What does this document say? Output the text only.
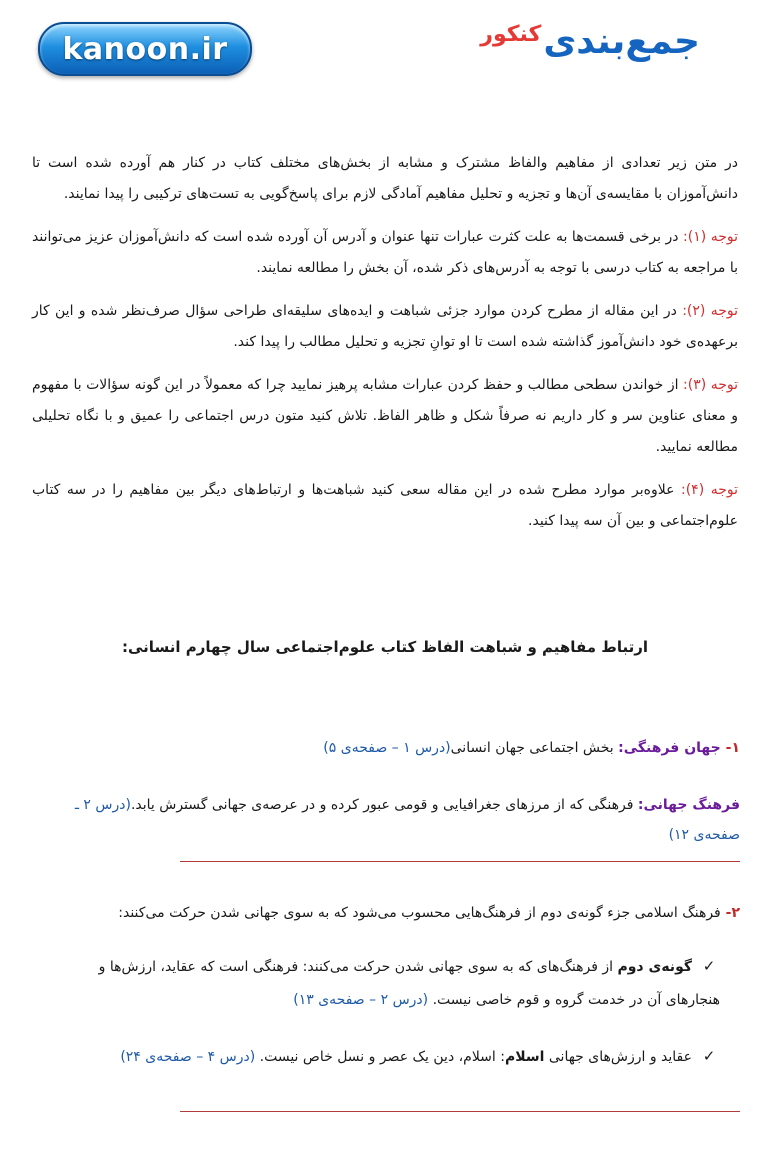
kanoon.ir	جمع‌بندی
کنکور

در متن زیر تعدادی از مفاهیم والفاظ مشترک و مشابه از بخش‌های مختلف کتاب در کنار هم آورده شده است تا دانش‌آموزان با مقایسه‌ی آن‌ها و تجزیه و تحلیل مفاهیم آمادگی لازم برای پاسخ‌گویی به تست‌های ترکیبی را پیدا نمایند.

توجه (۱): در برخی قسمت‌ها به علت کثرت عبارات تنها عنوان و آدرس آن آورده شده است که دانش‌آموزان عزیز می‌توانند با مراجعه به کتاب درسی با توجه به آدرس‌های ذکر شده، آن بخش را مطالعه نمایند.

توجه (۲): در این مقاله از مطرح کردن موارد جزئی شباهت و ایده‌های سلیقه‌ای طراحی سؤال صرف‌نظر شده و این کار برعهده‌ی خود دانش‌آموز گذاشته شده است تا او توانِ تجزیه و تحلیل مطالب را پیدا کند.

توجه (۳): از خواندن سطحی مطالب و حفظ کردن عبارات مشابه پرهیز نمایید چرا که معمولاً در این گونه سؤالات با مفهوم و معنای عناوین سر و کار داریم نه صرفاً شکل و ظاهر الفاظ. تلاش کنید متون درس اجتماعی را عمیق و با نگاه تحلیلی مطالعه نمایید.

توجه (۴): علاوه‌بر موارد مطرح شده در این مقاله سعی کنید شباهت‌ها و ارتباط‌های دیگر بین مفاهیم را در سه کتاب علوم‌اجتماعی و بین آن سه پیدا کنید.

ارتباط مفاهیم و شباهت الفاظ کتاب علوم‌اجتماعی سال چهارم انسانی:
۱- جهان فرهنگی: بخش اجتماعی جهان انسانی(درس ۱ – صفحه‌ی ۵)
فرهنگ جهانی: فرهنگی که از مرزهای جغرافیایی و قومی عبور کرده و در عرصه‌ی جهانی گسترش یابد.(درس ۲ ـ صفحه‌ی ۱۲)
۲- فرهنگ اسلامی جزء گونه‌ی دوم از فرهنگ‌هایی محسوب می‌شود که به سوی جهانی شدن حرکت می‌کنند:
✓گونه‌ی دوم از فرهنگ‌های که به سوی جهانی شدن حرکت می‌کنند: فرهنگی است که عقاید، ارزش‌ها و هنجارهای آن در خدمت گروه و قوم خاصی نیست. (درس ۲ – صفحه‌ی ۱۳)
✓عقاید و ارزش‌های جهانی اسلام: اسلام، دین یک عصر و نسل خاص نیست. (درس ۴ – صفحه‌ی ۲۴)
